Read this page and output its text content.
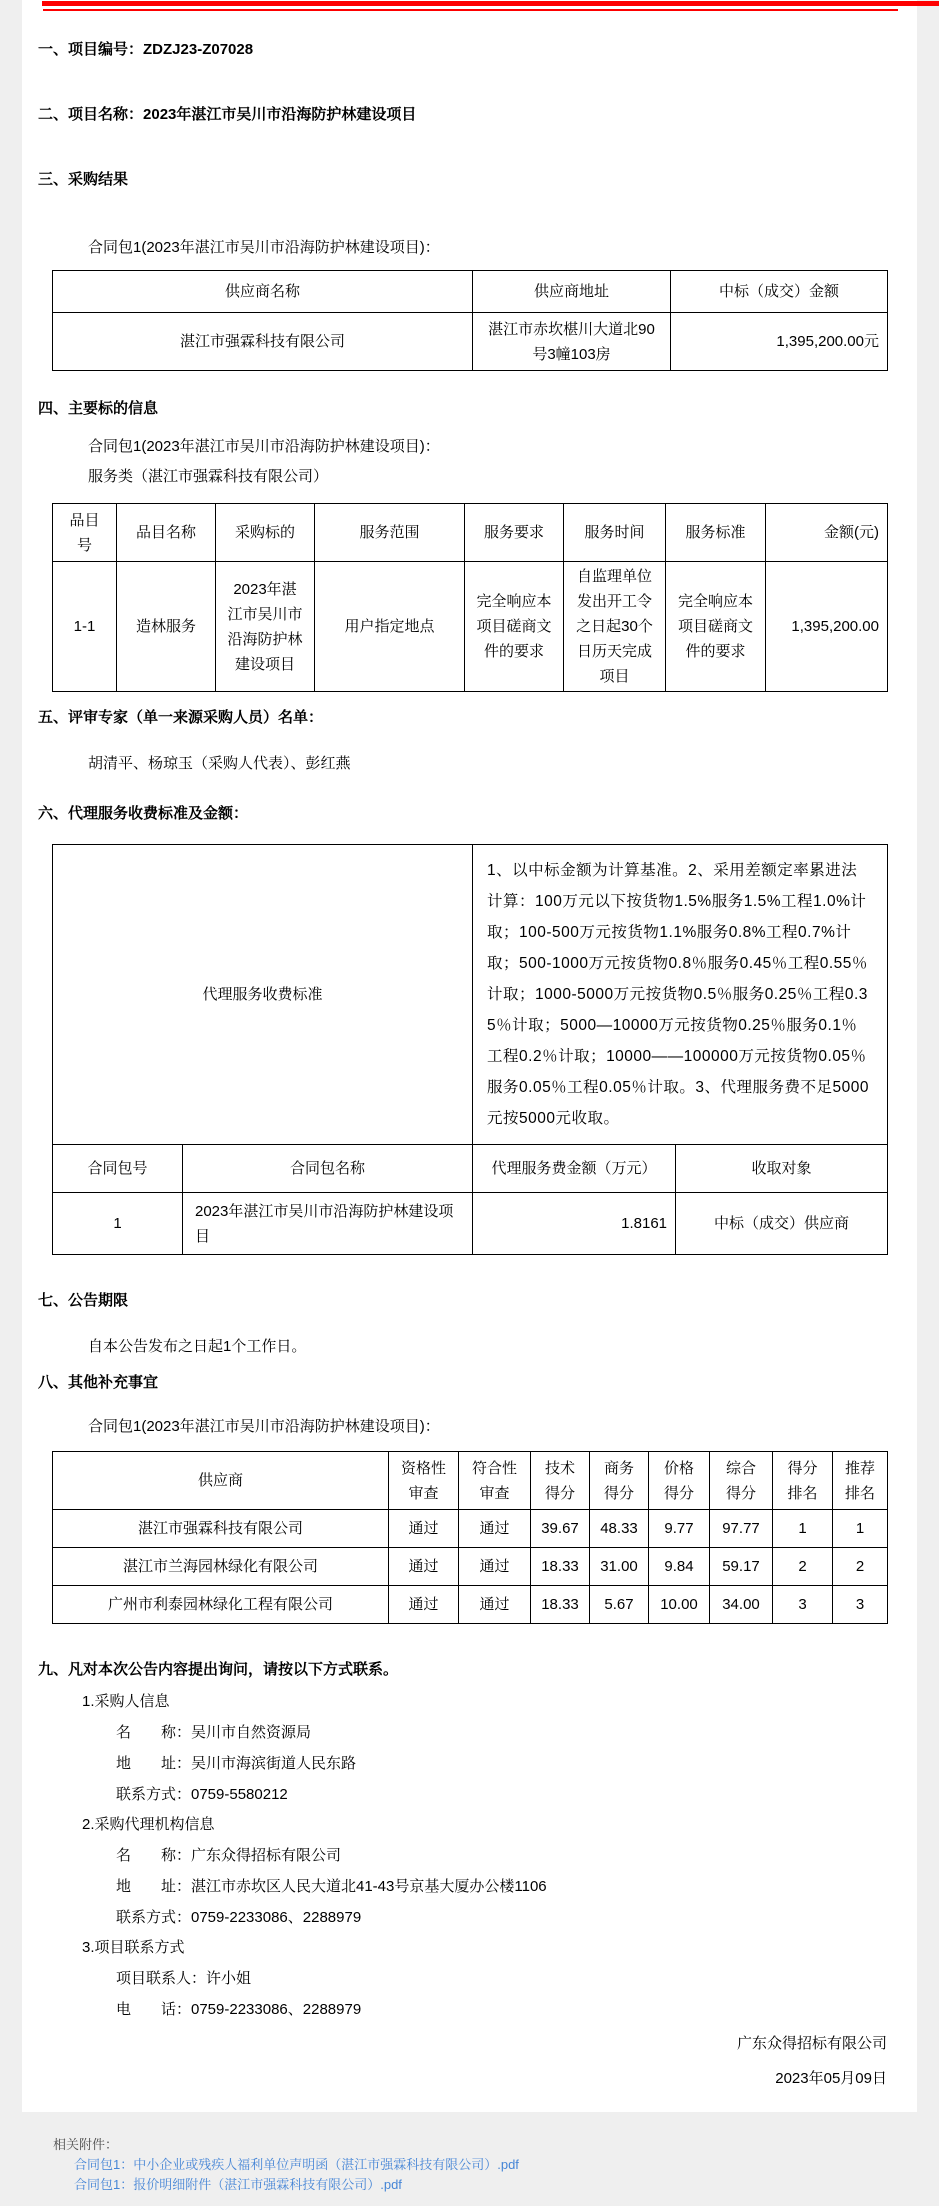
一、项目编号：ZDZJ23-Z07028
二、项目名称：2023年湛江市吴川市沿海防护林建设项目
三、采购结果
合同包1(2023年湛江市吴川市沿海防护林建设项目)：
供应商名称	供应商地址	中标（成交）金额
湛江市强霖科技有限公司	湛江市赤坎椹川大道北90号3幢103房	1,395,200.00元
四、主要标的信息
合同包1(2023年湛江市吴川市沿海防护林建设项目)：
服务类（湛江市强霖科技有限公司）
品目号	品目名称	采购标的	服务范围	服务要求	服务时间	服务标准	金额(元)
1-1	造林服务	2023年湛江市吴川市沿海防护林建设项目	用户指定地点	完全响应本项目磋商文件的要求	自监理单位发出开工令之日起30个日历天完成项目	完全响应本项目磋商文件的要求	1,395,200.00
五、评审专家（单一来源采购人员）名单：
胡清平、杨琼玉（采购人代表）、彭红燕
六、代理服务收费标准及金额：
代理服务收费标准		1、以中标金额为计算基准。2、采用差额定率累进法计算：100万元以下按货物1.5%服务1.5%工程1.0%计取；100-500万元按货物1.1%服务0.8%工程0.7%计取；500-1000万元按货物0.8％服务0.45％工程0.55％计取；1000-5000万元按货物0.5％服务0.25％工程0.35％计取；5000—10000万元按货物0.25％服务0.1％工程0.2％计取；10000——100000万元按货物0.05％服务0.05％工程0.05％计取。3、代理服务费不足5000元按5000元收取。	
合同包号	合同包名称	代理服务费金额（万元）	收取对象
1	2023年湛江市吴川市沿海防护林建设项目	1.8161	中标（成交）供应商
七、公告期限
自本公告发布之日起1个工作日。
八、其他补充事宜
合同包1(2023年湛江市吴川市沿海防护林建设项目)：
供应商	资格性审查	符合性审查	技术得分	商务得分	价格得分	综合得分	得分排名	推荐排名
湛江市强霖科技有限公司	通过	通过	39.67	48.33	9.77	97.77	1	1
湛江市兰海园林绿化有限公司	通过	通过	18.33	31.00	9.84	59.17	2	2
广州市利泰园林绿化工程有限公司	通过	通过	18.33	5.67	10.00	34.00	3	3
九、凡对本次公告内容提出询问，请按以下方式联系。
1.采购人信息
名　　称：吴川市自然资源局
地　　址：吴川市海滨街道人民东路
联系方式：0759-5580212
2.采购代理机构信息
名　　称：广东众得招标有限公司
地　　址：湛江市赤坎区人民大道北41-43号京基大厦办公楼1106
联系方式：0759-2233086、2288979
3.项目联系方式
项目联系人：许小姐
电　　话：0759-2233086、2288979
广东众得招标有限公司
2023年05月09日
相关附件：
合同包1：中小企业或残疾人福利单位声明函（湛江市强霖科技有限公司）.pdf
合同包1：报价明细附件（湛江市强霖科技有限公司）.pdf
